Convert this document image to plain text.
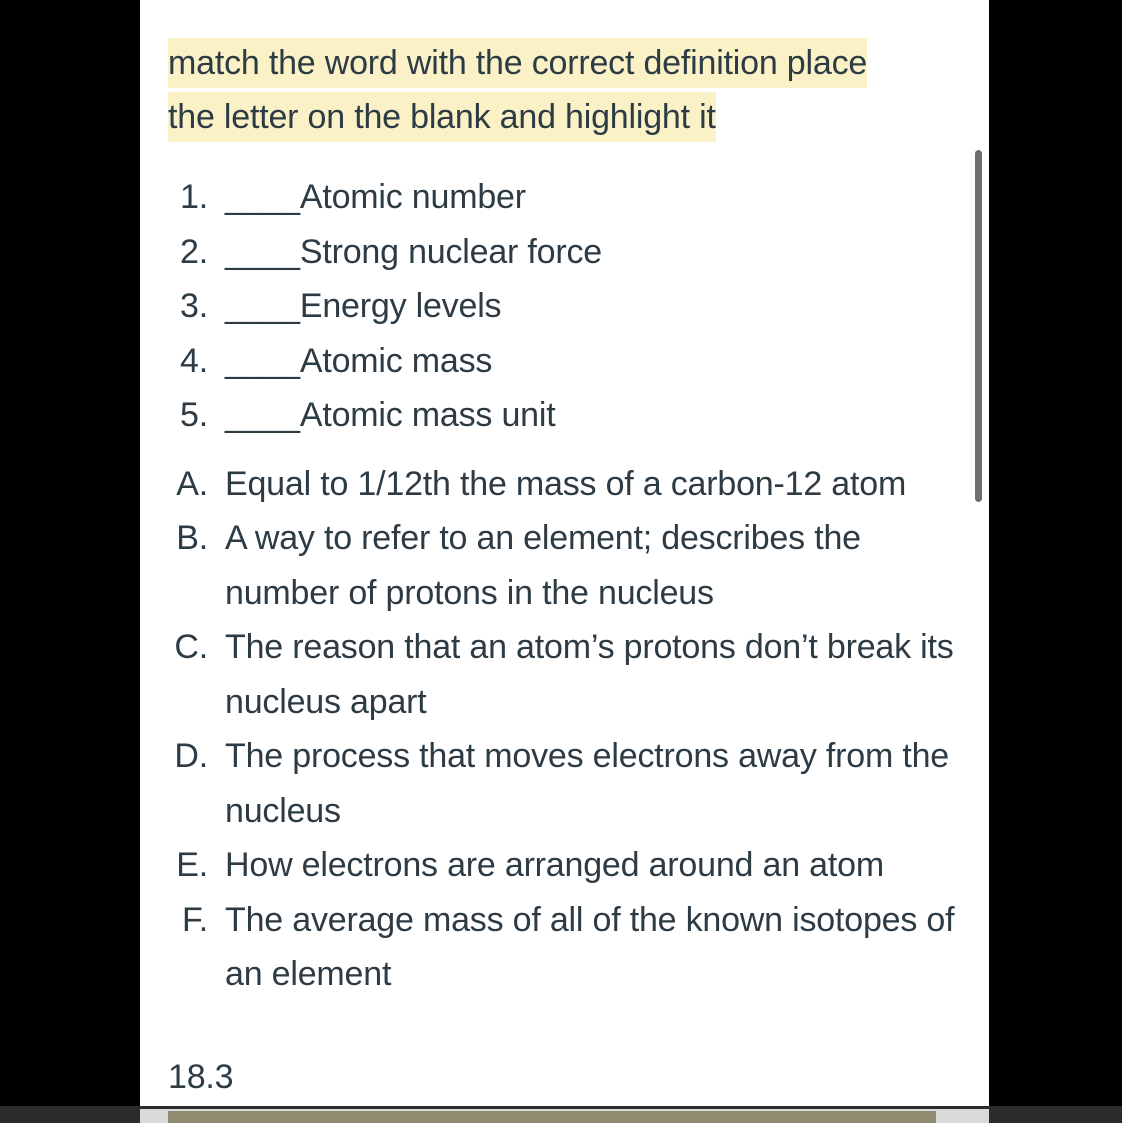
match the word with the correct definition place
the letter on the blank and highlight it

1. ____Atomic number
2. ____Strong nuclear force
3. ____Energy levels
4. ____Atomic mass
5. ____Atomic mass unit
A. Equal to 1/12th the mass of a carbon-12 atom
B. A way to refer to an element; describes the number of protons in the nucleus
C. The reason that an atom’s protons don’t break its nucleus apart
D. The process that moves electrons away from the nucleus
E. How electrons are arranged around an atom
F. The average mass of all of the known isotopes of an element
18.3
